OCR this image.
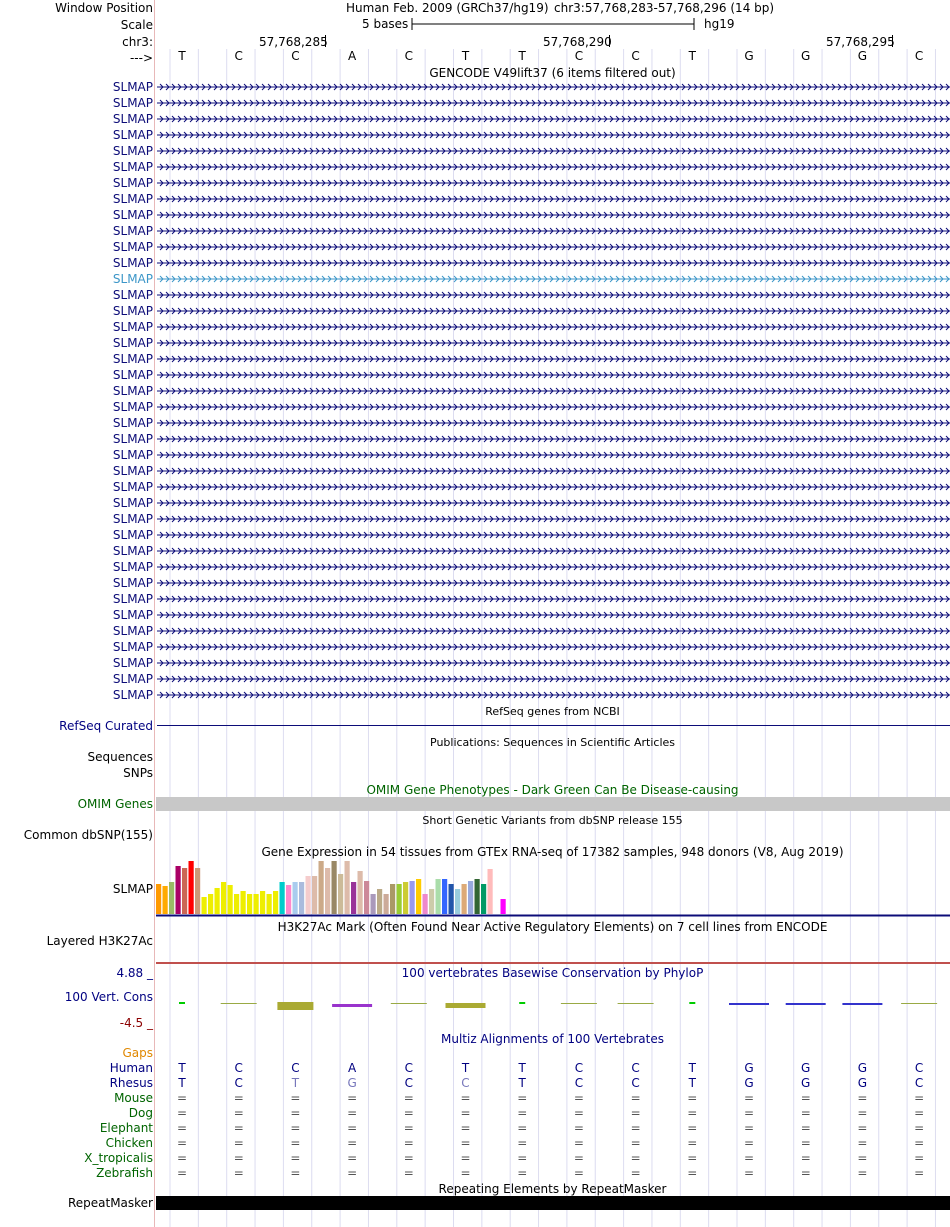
Window Position	Human Feb. 2009 (GRCh37/hg19) chr3:57,768,283-57,768,296 (14 bp)
Scale	5 bases	hg19
chr3:	57,768,285	57,768,290	57,768,295
---> T	C	C	A	C	T	T	C	C	T	G	G	G	C
GENCODE V49lift37 (6 items filtered out)
SLMAP
SLMAP
SLMAP
SLMAP
SLMAP
SLMAP
SLMAP
SLMAP
SLMAP
SLMAP
SLMAP
SLMAP
SLMAP
SLMAP
SLMAP
SLMAP
SLMAP
SLMAP
SLMAP
SLMAP
SLMAP
SLMAP
SLMAP
SLMAP
SLMAP
SLMAP
SLMAP
SLMAP
SLMAP
SLMAP
SLMAP
SLMAP
SLMAP
SLMAP
SLMAP
SLMAP
SLMAP
SLMAP
SLMAP
RefSeq genes from NCBI
RefSeq Curated
Publications: Sequences in Scientific Articles
Sequences
SNPs
OMIM Gene Phenotypes - Dark Green Can Be Disease-causing
OMIM Genes
Short Genetic Variants from dbSNP release 155
Common dbSNP(155)
Gene Expression in 54 tissues from GTEx RNA-seq of 17382 samples, 948 donors (V8, Aug 2019)
SLMAP
H3K27Ac Mark (Often Found Near Active Regulatory Elements) on 7 cell lines from ENCODE
Layered H3K27Ac
100 vertebrates Basewise Conservation by PhyloP
4.88 _
100 Vert. Cons
-4.5 _
Multiz Alignments of 100 Vertebrates
Gaps
Human T	C	C	A	C	T	T	C	C	T	G	G	G	C
Rhesus T	C	T	G	C	C	T	C	C	T	G	G	G	C
Mouse =	=	=	=	=	=	=	=	=	=	=	=	=	=
Dog =	=	=	=	=	=	=	=	=	=	=	=	=	=
Elephant =	=	=	=	=	=	=	=	=	=	=	=	=	=
Chicken =	=	=	=	=	=	=	=	=	=	=	=	=	=
X_tropicalis =	=	=	=	=	=	=	=	=	=	=	=	=	=
Zebrafish =	=	=	=	=	=	=	=	=	=	=	=	=	=
Repeating Elements by RepeatMasker
RepeatMasker
